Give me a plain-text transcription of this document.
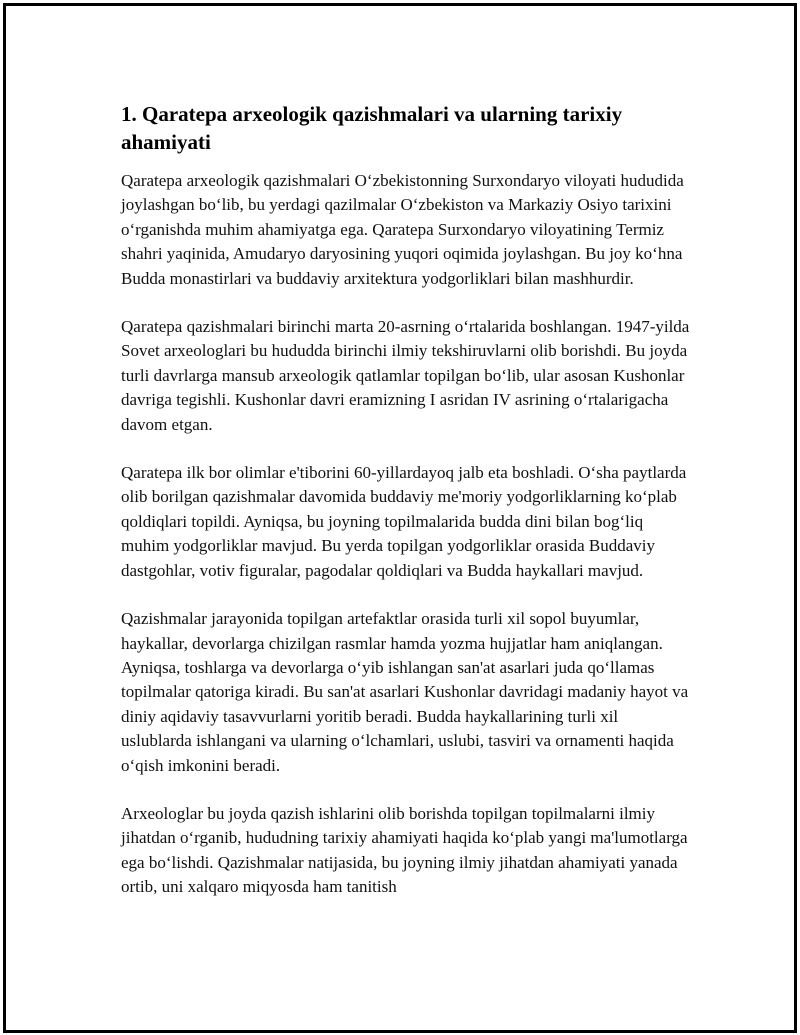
1. Qaratepa arxeologik qazishmalari va ularning tarixiy ahamiyati

Qaratepa arxeologik qazishmalari O‘zbekistonning Surxondaryo viloyati hududida joylashgan bo‘lib, bu yerdagi qazilmalar O‘zbekiston va Markaziy Osiyo tarixini o‘rganishda muhim ahamiyatga ega. Qaratepa Surxondaryo viloyatining Termiz shahri yaqinida, Amudaryo daryosining yuqori oqimida joylashgan. Bu joy ko‘hna Budda monastirlari va buddaviy arxitektura yodgorliklari bilan mashhurdir.

Qaratepa qazishmalari birinchi marta 20-asrning o‘rtalarida boshlangan. 1947-yilda Sovet arxeologlari bu hududda birinchi ilmiy tekshiruvlarni olib borishdi. Bu joyda turli davrlarga mansub arxeologik qatlamlar topilgan bo‘lib, ular asosan Kushonlar davriga tegishli. Kushonlar davri eramizning I asridan IV asrining o‘rtalarigacha davom etgan.

Qaratepa ilk bor olimlar e'tiborini 60-yillardayoq jalb eta boshladi. O‘sha paytlarda olib borilgan qazishmalar davomida buddaviy me'moriy yodgorliklarning ko‘plab qoldiqlari topildi. Ayniqsa, bu joyning topilmalarida budda dini bilan bog‘liq muhim yodgorliklar mavjud. Bu yerda topilgan yodgorliklar orasida Buddaviy dastgohlar, votiv figuralar, pagodalar qoldiqlari va Budda haykallari mavjud.

Qazishmalar jarayonida topilgan artefaktlar orasida turli xil sopol buyumlar, haykallar, devorlarga chizilgan rasmlar hamda yozma hujjatlar ham aniqlangan. Ayniqsa, toshlarga va devorlarga o‘yib ishlangan san'at asarlari juda qo‘llamas topilmalar qatoriga kiradi. Bu san'at asarlari Kushonlar davridagi madaniy hayot va diniy aqidaviy tasavvurlarni yoritib beradi. Budda haykallarining turli xil uslublarda ishlangani va ularning o‘lchamlari, uslubi, tasviri va ornamenti haqida o‘qish imkonini beradi.

Arxeologlar bu joyda qazish ishlarini olib borishda topilgan topilmalarni ilmiy jihatdan o‘rganib, hududning tarixiy ahamiyati haqida ko‘plab yangi ma'lumotlarga ega bo‘lishdi. Qazishmalar natijasida, bu joyning ilmiy jihatdan ahamiyati yanada ortib, uni xalqaro miqyosda ham tanitish
